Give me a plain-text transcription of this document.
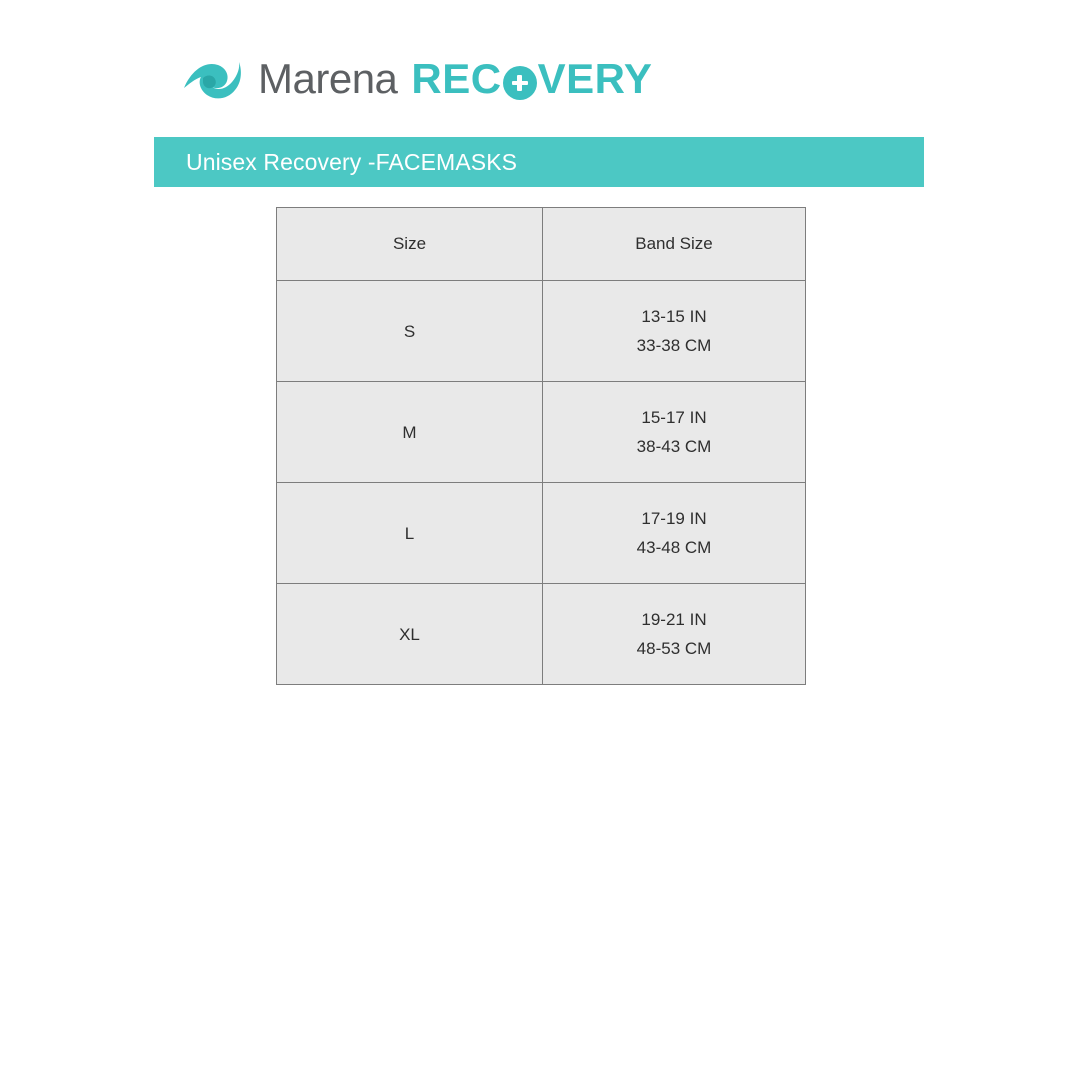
Marena REC VERY
Unisex Recovery -FACEMASKS
Size	Band Size

S	13-15 IN
33-38 CM

M	15-17 IN
38-43 CM

L	17-19 IN
43-48 CM

XL	19-21 IN
48-53 CM
